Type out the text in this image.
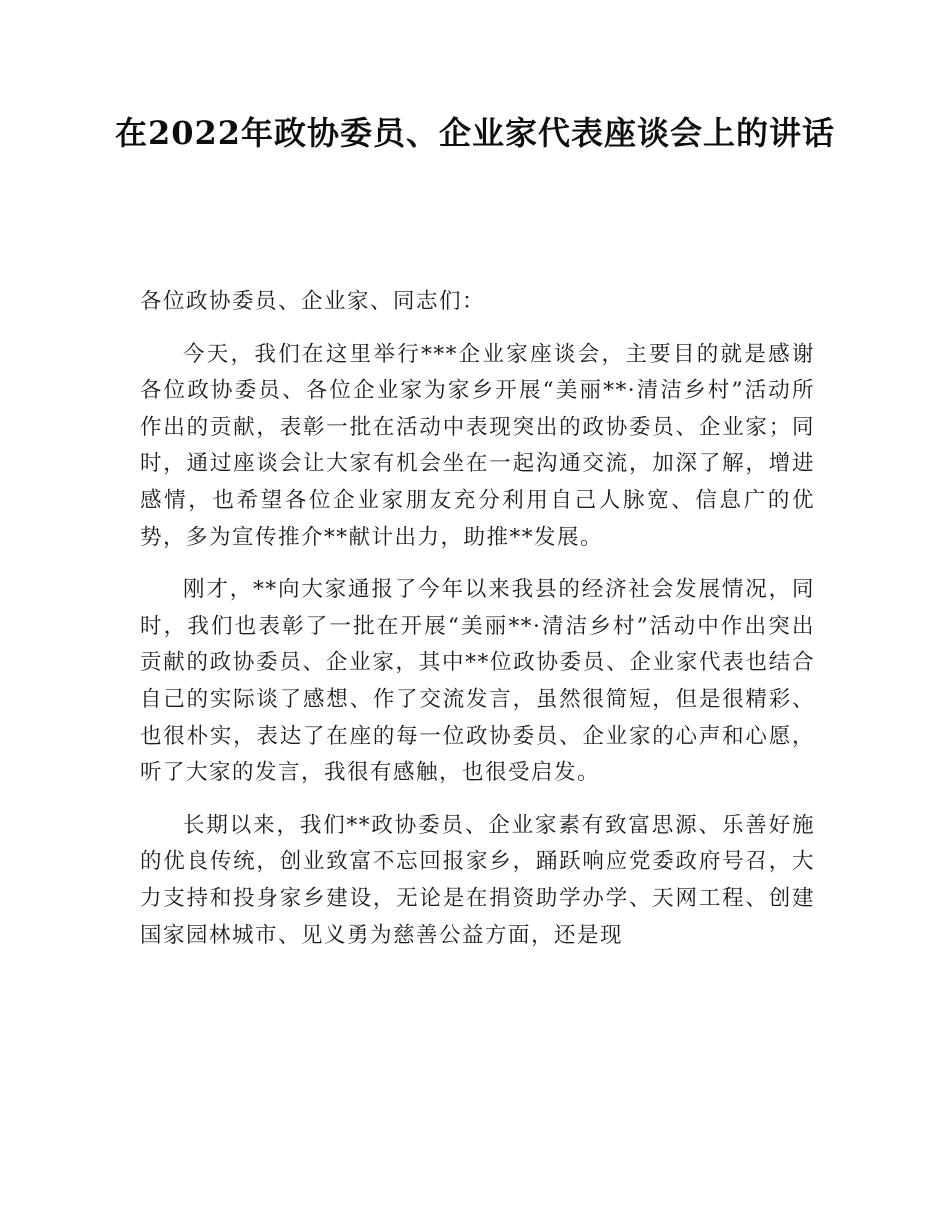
在2022年政协委员、企业家代表座谈会上的讲话

各位政协委员、企业家、同志们：

今天，我们在这里举行***企业家座谈会，主要目的就是感谢各位政协委员、各位企业家为家乡开展“美丽**·清洁乡村”活动所作出的贡献，表彰一批在活动中表现突出的政协委员、企业家；同时，通过座谈会让大家有机会坐在一起沟通交流，加深了解，增进感情，也希望各位企业家朋友充分利用自己人脉宽、信息广的优势，多为宣传推介**献计出力，助推**发展。

刚才，**向大家通报了今年以来我县的经济社会发展情况，同时，我们也表彰了一批在开展“美丽**·清洁乡村”活动中作出突出贡献的政协委员、企业家，其中**位政协委员、企业家代表也结合自己的实际谈了感想、作了交流发言，虽然很简短，但是很精彩、也很朴实，表达了在座的每一位政协委员、企业家的心声和心愿，听了大家的发言，我很有感触，也很受启发。

长期以来，我们**政协委员、企业家素有致富思源、乐善好施的优良传统，创业致富不忘回报家乡，踊跃响应党委政府号召，大力支持和投身家乡建设，无论是在捐资助学办学、天网工程、创建国家园林城市、见义勇为慈善公益方面，还是现
